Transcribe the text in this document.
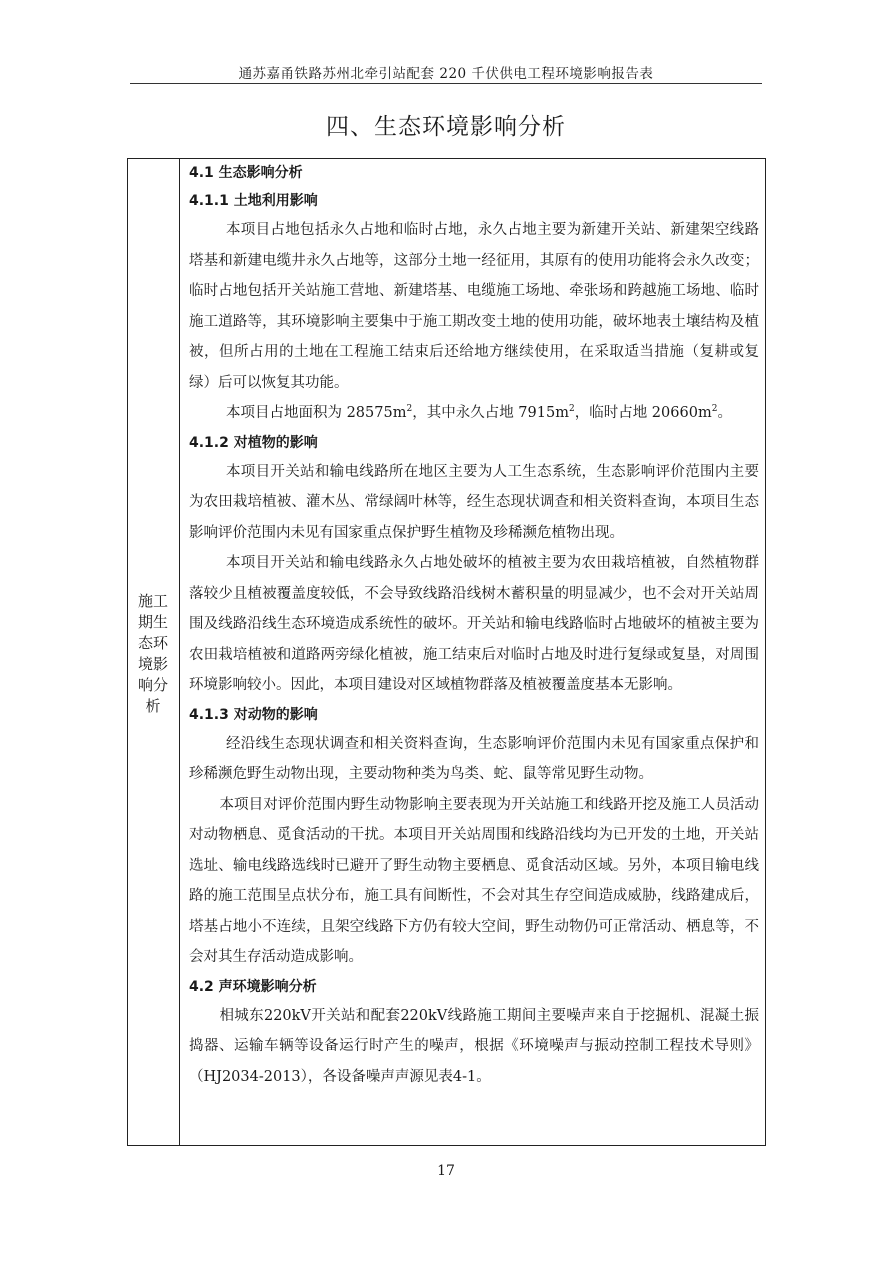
通苏嘉甬铁路苏州北牵引站配套 220 千伏供电工程环境影响报告表
四、生态环境影响分析
施工期生态环境影响分析
4.1 生态影响分析
4.1.1 土地利用影响

本项目占地包括永久占地和临时占地，永久占地主要为新建开关站、新建架空线路塔基和新建电缆井永久占地等，这部分土地一经征用，其原有的使用功能将会永久改变；临时占地包括开关站施工营地、新建塔基、电缆施工场地、牵张场和跨越施工场地、临时施工道路等，其环境影响主要集中于施工期改变土地的使用功能，破坏地表土壤结构及植被，但所占用的土地在工程施工结束后还给地方继续使用，在采取适当措施（复耕或复绿）后可以恢复其功能。

本项目占地面积为 $28575m^2$，其中永久占地 $7915m^2$，临时占地 $20660m^2$。

4.1.2 对植物的影响

本项目开关站和输电线路所在地区主要为人工生态系统，生态影响评价范围内主要为农田栽培植被、灌木丛、常绿阔叶林等，经生态现状调查和相关资料查询，本项目生态影响评价范围内未见有国家重点保护野生植物及珍稀濒危植物出现。

本项目开关站和输电线路永久占地处破坏的植被主要为农田栽培植被，自然植物群落较少且植被覆盖度较低，不会导致线路沿线树木蓄积量的明显减少，也不会对开关站周围及线路沿线生态环境造成系统性的破坏。开关站和输电线路临时占地破坏的植被主要为农田栽培植被和道路两旁绿化植被，施工结束后对临时占地及时进行复绿或复垦，对周围环境影响较小。因此，本项目建设对区域植物群落及植被覆盖度基本无影响。

4.1.3 对动物的影响

经沿线生态现状调查和相关资料查询，生态影响评价范围内未见有国家重点保护和珍稀濒危野生动物出现，主要动物种类为鸟类、蛇、鼠等常见野生动物。

本项目对评价范围内野生动物影响主要表现为开关站施工和线路开挖及施工人员活动对动物栖息、觅食活动的干扰。本项目开关站周围和线路沿线均为已开发的土地，开关站选址、输电线路选线时已避开了野生动物主要栖息、觅食活动区域。另外，本项目输电线路的施工范围呈点状分布，施工具有间断性，不会对其生存空间造成威胁，线路建成后，塔基占地小不连续，且架空线路下方仍有较大空间，野生动物仍可正常活动、栖息等，不会对其生存活动造成影响。

4.2 声环境影响分析

相城东220kV开关站和配套220kV线路施工期间主要噪声来自于挖掘机、混凝土振捣器、运输车辆等设备运行时产生的噪声，根据《环境噪声与振动控制工程技术导则》（HJ2034-2013），各设备噪声声源见表4-1。

17
